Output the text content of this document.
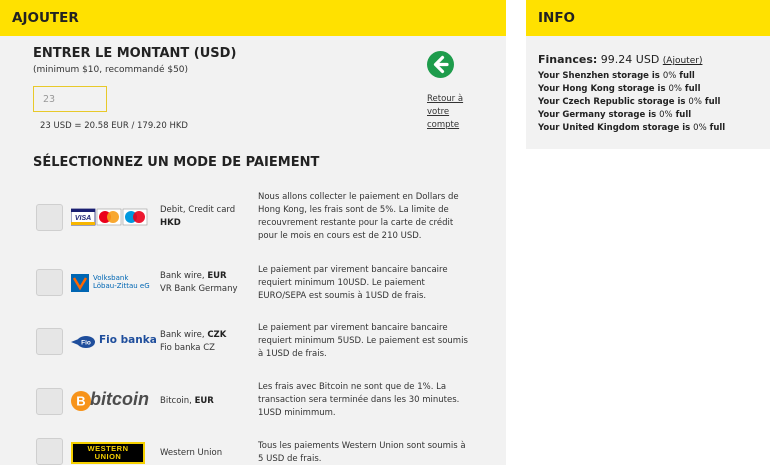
AJOUTER
ENTRER LE MONTANT (USD)
(minimum $10, recommandé $50)
23
23 USD = 20.58 EUR / 179.20 HKD
Retour à votre compte
SÉLECTIONNEZ UN MODE DE PAIEMENT
VISA
Debit, Credit card
HKD
Nous allons collecter le paiement en Dollars de Hong Kong, les frais sont de 5%. La limite de recouvrement restante pour la carte de crédit pour le mois en cours est de 210 USD.
Volksbank
Löbau-Zittau eG
Bank wire, EUR
VR Bank Germany
Le paiement par virement bancaire bancaire requiert minimum 10USD. Le paiement EURO/SEPA est soumis à 1USD de frais.
Fio Fio banka Bank wire, CZK
Fio banka CZ
Le paiement par virement bancaire bancaire requiert minimum 5USD. Le paiement est soumis à 1USD de frais.
B bitcoin Bitcoin, EUR
Les frais avec Bitcoin ne sont que de 1%. La transaction sera terminée dans les 30 minutes. 1USD minimmum.
WESTERN
UNION	Western Union
Tous les paiements Western Union sont soumis à 5 USD de frais.
INFO
Finances: 99.24 USD (Ajouter)
Your Shenzhen storage is 0% full
Your Hong Kong storage is 0% full
Your Czech Republic storage is 0% full
Your Germany storage is 0% full
Your United Kingdom storage is 0% full
